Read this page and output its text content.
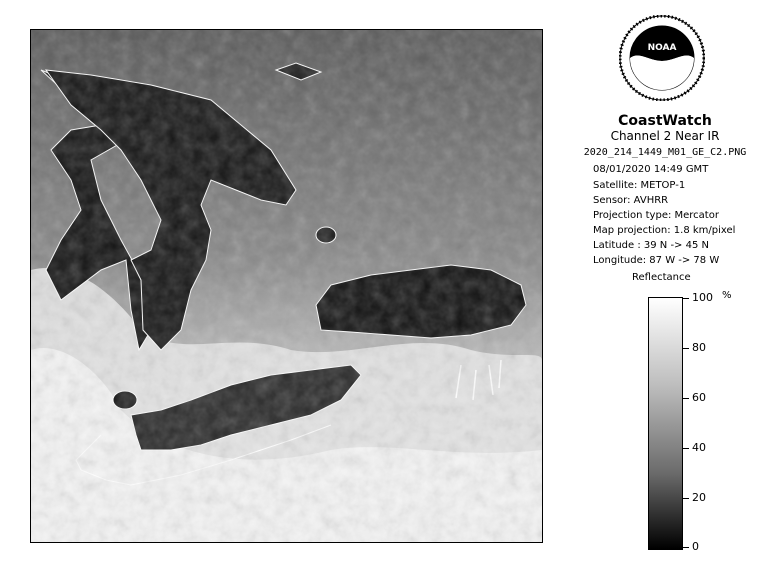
NOAA
CoastWatch
Channel 2 Near IR
2020_214_1449_M01_GE_C2.PNG
08/01/2020 14:49 GMT
Satellite: METOP-1
Sensor: AVHRR
Projection type: Mercator
Map projection: 1.8 km/pixel
Latitude : 39 N -> 45 N
Longitude: 87 W -> 78 W
Reflectance
%
100
80
60
40
20
0
